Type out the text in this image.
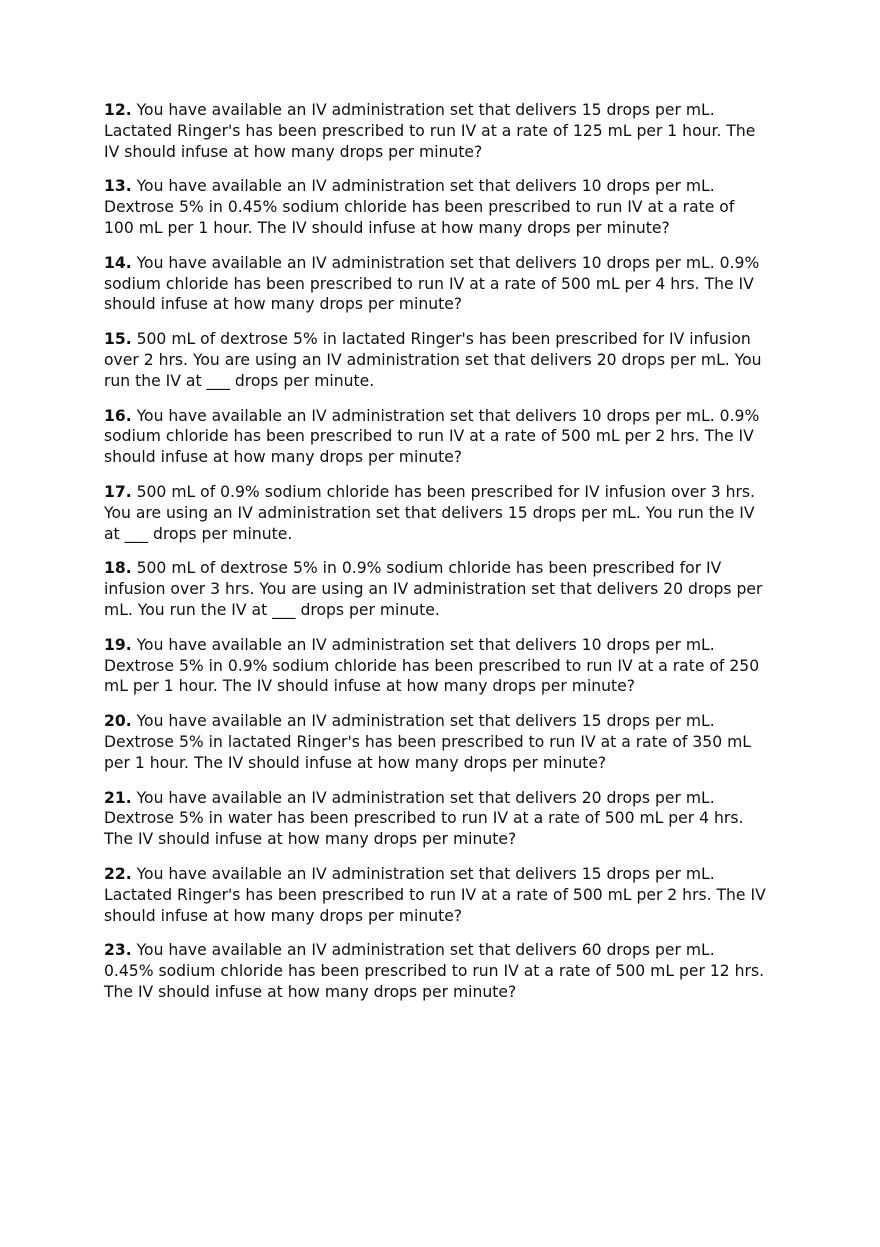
12. You have available an IV administration set that delivers 15 drops per mL.
Lactated Ringer's has been prescribed to run IV at a rate of 125 mL per 1 hour. The
IV should infuse at how many drops per minute?

13. You have available an IV administration set that delivers 10 drops per mL.
Dextrose 5% in 0.45% sodium chloride has been prescribed to run IV at a rate of
100 mL per 1 hour. The IV should infuse at how many drops per minute?

14. You have available an IV administration set that delivers 10 drops per mL. 0.9%
sodium chloride has been prescribed to run IV at a rate of 500 mL per 4 hrs. The IV
should infuse at how many drops per minute?

15. 500 mL of dextrose 5% in lactated Ringer's has been prescribed for IV infusion
over 2 hrs. You are using an IV administration set that delivers 20 drops per mL. You
run the IV at ___ drops per minute.

16. You have available an IV administration set that delivers 10 drops per mL. 0.9%
sodium chloride has been prescribed to run IV at a rate of 500 mL per 2 hrs. The IV
should infuse at how many drops per minute?

17. 500 mL of 0.9% sodium chloride has been prescribed for IV infusion over 3 hrs.
You are using an IV administration set that delivers 15 drops per mL. You run the IV
at ___ drops per minute.

18. 500 mL of dextrose 5% in 0.9% sodium chloride has been prescribed for IV
infusion over 3 hrs. You are using an IV administration set that delivers 20 drops per
mL. You run the IV at ___ drops per minute.

19. You have available an IV administration set that delivers 10 drops per mL.
Dextrose 5% in 0.9% sodium chloride has been prescribed to run IV at a rate of 250
mL per 1 hour. The IV should infuse at how many drops per minute?

20. You have available an IV administration set that delivers 15 drops per mL.
Dextrose 5% in lactated Ringer's has been prescribed to run IV at a rate of 350 mL
per 1 hour. The IV should infuse at how many drops per minute?

21. You have available an IV administration set that delivers 20 drops per mL.
Dextrose 5% in water has been prescribed to run IV at a rate of 500 mL per 4 hrs.
The IV should infuse at how many drops per minute?

22. You have available an IV administration set that delivers 15 drops per mL.
Lactated Ringer's has been prescribed to run IV at a rate of 500 mL per 2 hrs. The IV
should infuse at how many drops per minute?

23. You have available an IV administration set that delivers 60 drops per mL.
0.45% sodium chloride has been prescribed to run IV at a rate of 500 mL per 12 hrs.
The IV should infuse at how many drops per minute?
